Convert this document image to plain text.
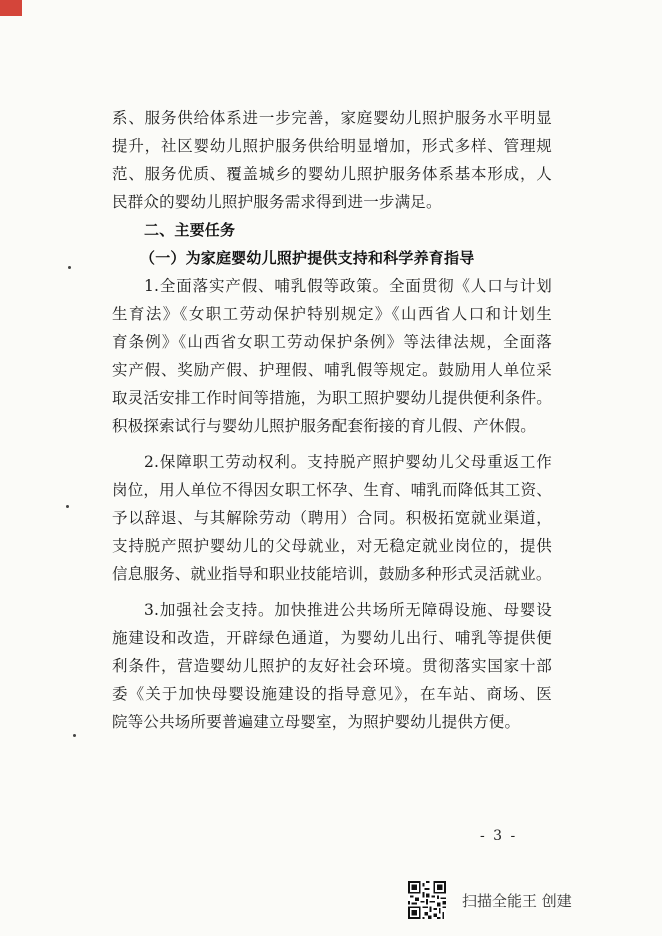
系、服务供给体系进一步完善，家庭婴幼儿照护服务水平明显
提升，社区婴幼儿照护服务供给明显增加，形式多样、管理规
范、服务优质、覆盖城乡的婴幼儿照护服务体系基本形成，人
民群众的婴幼儿照护服务需求得到进一步满足。
二、主要任务
（一）为家庭婴幼儿照护提供支持和科学养育指导
1.全面落实产假、哺乳假等政策。全面贯彻《人口与计划
生育法》《女职工劳动保护特别规定》《山西省人口和计划生
育条例》《山西省女职工劳动保护条例》等法律法规，全面落
实产假、奖励产假、护理假、哺乳假等规定。鼓励用人单位采
取灵活安排工作时间等措施，为职工照护婴幼儿提供便利条件。
积极探索试行与婴幼儿照护服务配套衔接的育儿假、产休假。
2.保障职工劳动权利。支持脱产照护婴幼儿父母重返工作
岗位，用人单位不得因女职工怀孕、生育、哺乳而降低其工资、
予以辞退、与其解除劳动（聘用）合同。积极拓宽就业渠道，
支持脱产照护婴幼儿的父母就业，对无稳定就业岗位的，提供
信息服务、就业指导和职业技能培训，鼓励多种形式灵活就业。
3.加强社会支持。加快推进公共场所无障碍设施、母婴设
施建设和改造，开辟绿色通道，为婴幼儿出行、哺乳等提供便
利条件，营造婴幼儿照护的友好社会环境。贯彻落实国家十部
委《关于加快母婴设施建设的指导意见》，在车站、商场、医
院等公共场所要普遍建立母婴室，为照护婴幼儿提供方便。
- 3 -
扫描全能王 创建
